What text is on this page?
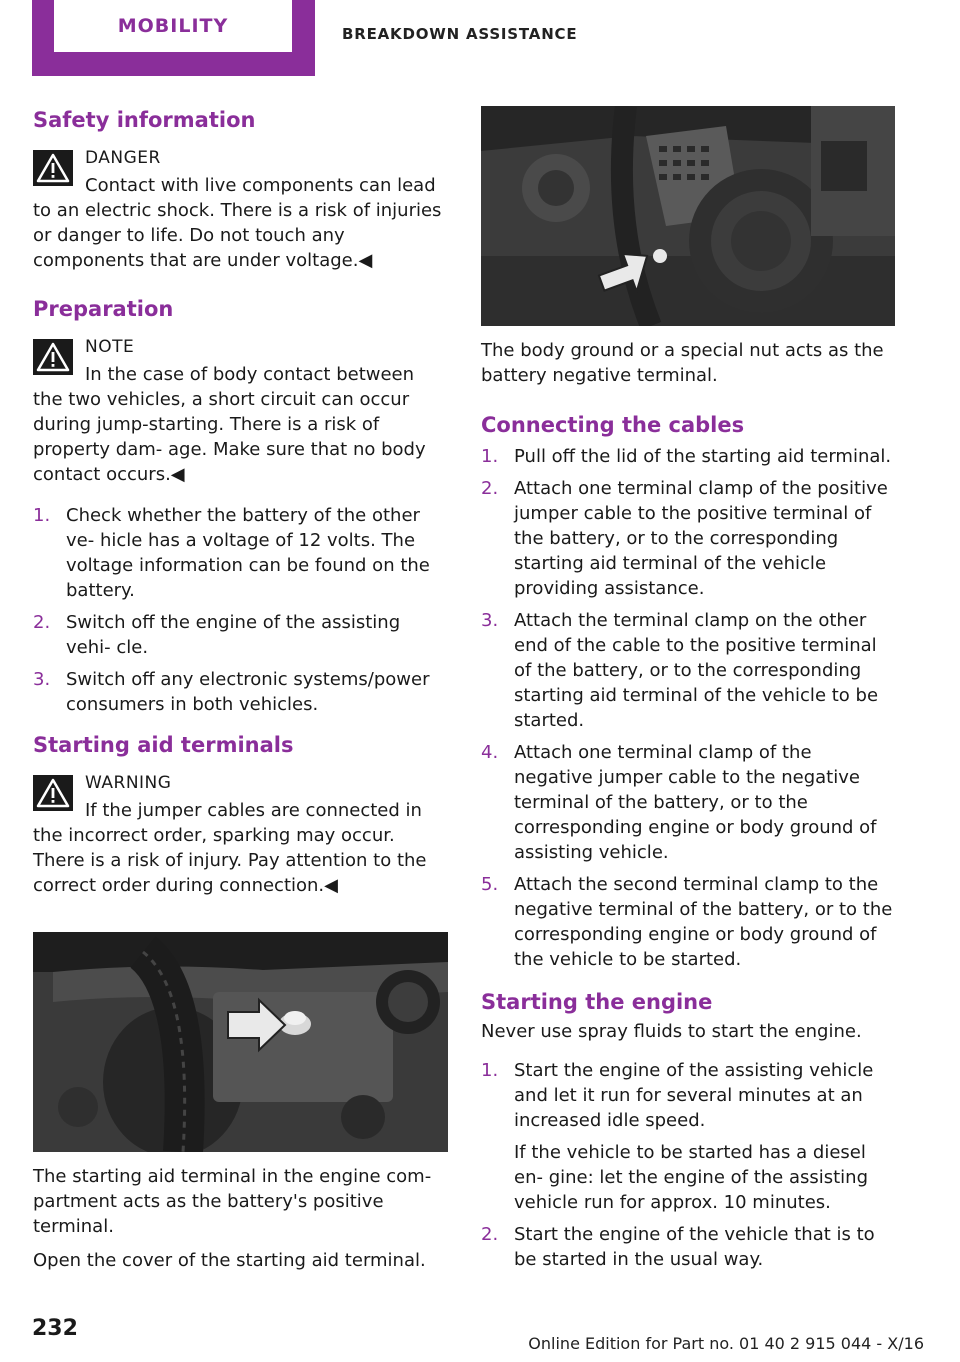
MOBILITY	BREAKDOWN ASSISTANCE
Safety information
DANGER
Contact with live components can lead to an electric shock. There is a risk of injuries or danger to life. Do not touch any components that are under voltage.◀
Preparation
NOTE
In the case of body contact between the two vehicles, a short circuit can occur during jump-starting. There is a risk of property dam‐ age. Make sure that no body contact occurs.◀
1. Check whether the battery of the other ve‐ hicle has a voltage of 12 volts. The voltage information can be found on the battery.
2. Switch off the engine of the assisting vehi‐ cle.
3. Switch off any electronic systems/power consumers in both vehicles.
Starting aid terminals
WARNING
If the jumper cables are connected in the incorrect order, sparking may occur. There is a risk of injury. Pay attention to the correct order during connection.◀

The starting aid terminal in the engine com‐ partment acts as the battery's positive terminal.

Open the cover of the starting aid terminal.

The body ground or a special nut acts as the battery negative terminal.

Connecting the cables
1. Pull off the lid of the starting aid terminal.
2. Attach one terminal clamp of the positive jumper cable to the positive terminal of the battery, or to the corresponding starting aid terminal of the vehicle providing assistance.
3. Attach the terminal clamp on the other end of the cable to the positive terminal of the battery, or to the corresponding starting aid terminal of the vehicle to be started.
4. Attach one terminal clamp of the negative jumper cable to the negative terminal of the battery, or to the corresponding engine or body ground of assisting vehicle.
5. Attach the second terminal clamp to the negative terminal of the battery, or to the corresponding engine or body ground of the vehicle to be started.
Starting the engine

Never use spray fluids to start the engine.

1. Start the engine of the assisting vehicle and let it run for several minutes at an increased idle speed.
If the vehicle to be started has a diesel en‐ gine: let the engine of the assisting vehicle run for approx. 10 minutes.
2. Start the engine of the vehicle that is to be started in the usual way.
232
Online Edition for Part no. 01 40 2 915 044 - X/16
